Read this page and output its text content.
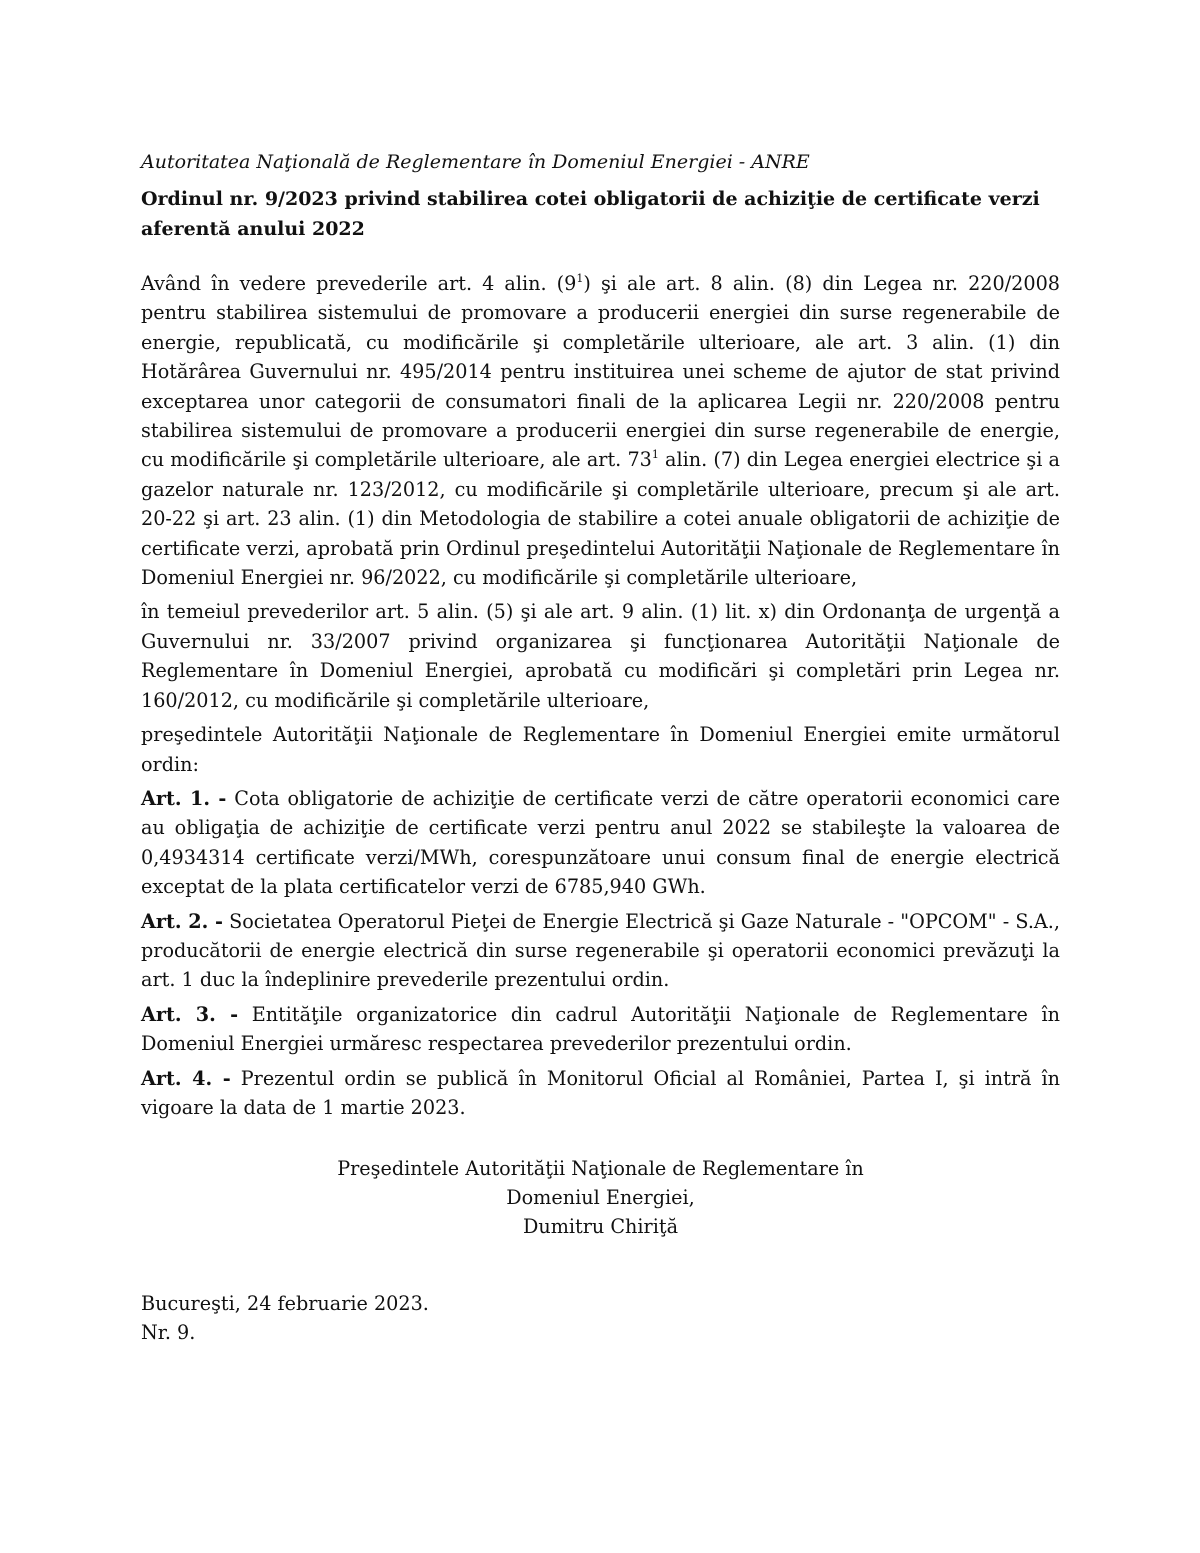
Autoritatea Naţională de Reglementare în Domeniul Energiei - ANRE

Ordinul nr. 9/2023 privind stabilirea cotei obligatorii de achiziţie de certificate verzi aferentă anului 2022

Având în vedere prevederile art. 4 alin. $(9^1)$ şi ale art. 8 alin. (8) din Legea nr. 220/2008 pentru stabilirea sistemului de promovare a producerii energiei din surse regenerabile de energie, republicată, cu modificările şi completările ulterioare, ale art. 3 alin. (1) din Hotărârea Guvernului nr. 495/2014 pentru instituirea unei scheme de ajutor de stat privind exceptarea unor categorii de consumatori finali de la aplicarea Legii nr. 220/2008 pentru stabilirea sistemului de promovare a producerii energiei din surse regenerabile de energie, cu modificările şi completările ulterioare, ale art. $73^1$ alin. (7) din Legea energiei electrice şi a gazelor naturale nr. 123/2012, cu modificările şi completările ulterioare, precum şi ale art. 20-22 şi art. 23 alin. (1) din Metodologia de stabilire a cotei anuale obligatorii de achiziţie de certificate verzi, aprobată prin Ordinul preşedintelui Autorităţii Naţionale de Reglementare în Domeniul Energiei nr. 96/2022, cu modificările şi completările ulterioare,

în temeiul prevederilor art. 5 alin. (5) şi ale art. 9 alin. (1) lit. x) din Ordonanţa de urgenţă a Guvernului nr. 33/2007 privind organizarea şi funcţionarea Autorităţii Naţionale de Reglementare în Domeniul Energiei, aprobată cu modificări şi completări prin Legea nr. 160/2012, cu modificările şi completările ulterioare,

preşedintele Autorităţii Naţionale de Reglementare în Domeniul Energiei emite următorul ordin:

Art. 1. - Cota obligatorie de achiziţie de certificate verzi de către operatorii economici care au obligaţia de achiziţie de certificate verzi pentru anul 2022 se stabileşte la valoarea de 0,4934314 certificate verzi/MWh, corespunzătoare unui consum final de energie electrică exceptat de la plata certificatelor verzi de 6785,940 GWh.

Art. 2. - Societatea Operatorul Pieţei de Energie Electrică şi Gaze Naturale - "OPCOM" - S.A., producătorii de energie electrică din surse regenerabile şi operatorii economici prevăzuţi la art. 1 duc la îndeplinire prevederile prezentului ordin.

Art. 3. - Entităţile organizatorice din cadrul Autorităţii Naţionale de Reglementare în Domeniul Energiei urmăresc respectarea prevederilor prezentului ordin.

Art. 4. - Prezentul ordin se publică în Monitorul Oficial al României, Partea I, şi intră în vigoare la data de 1 martie 2023.

Preşedintele Autorităţii Naţionale de Reglementare în
Domeniul Energiei,
Dumitru Chiriţă
Bucureşti, 24 februarie 2023.
Nr. 9.
